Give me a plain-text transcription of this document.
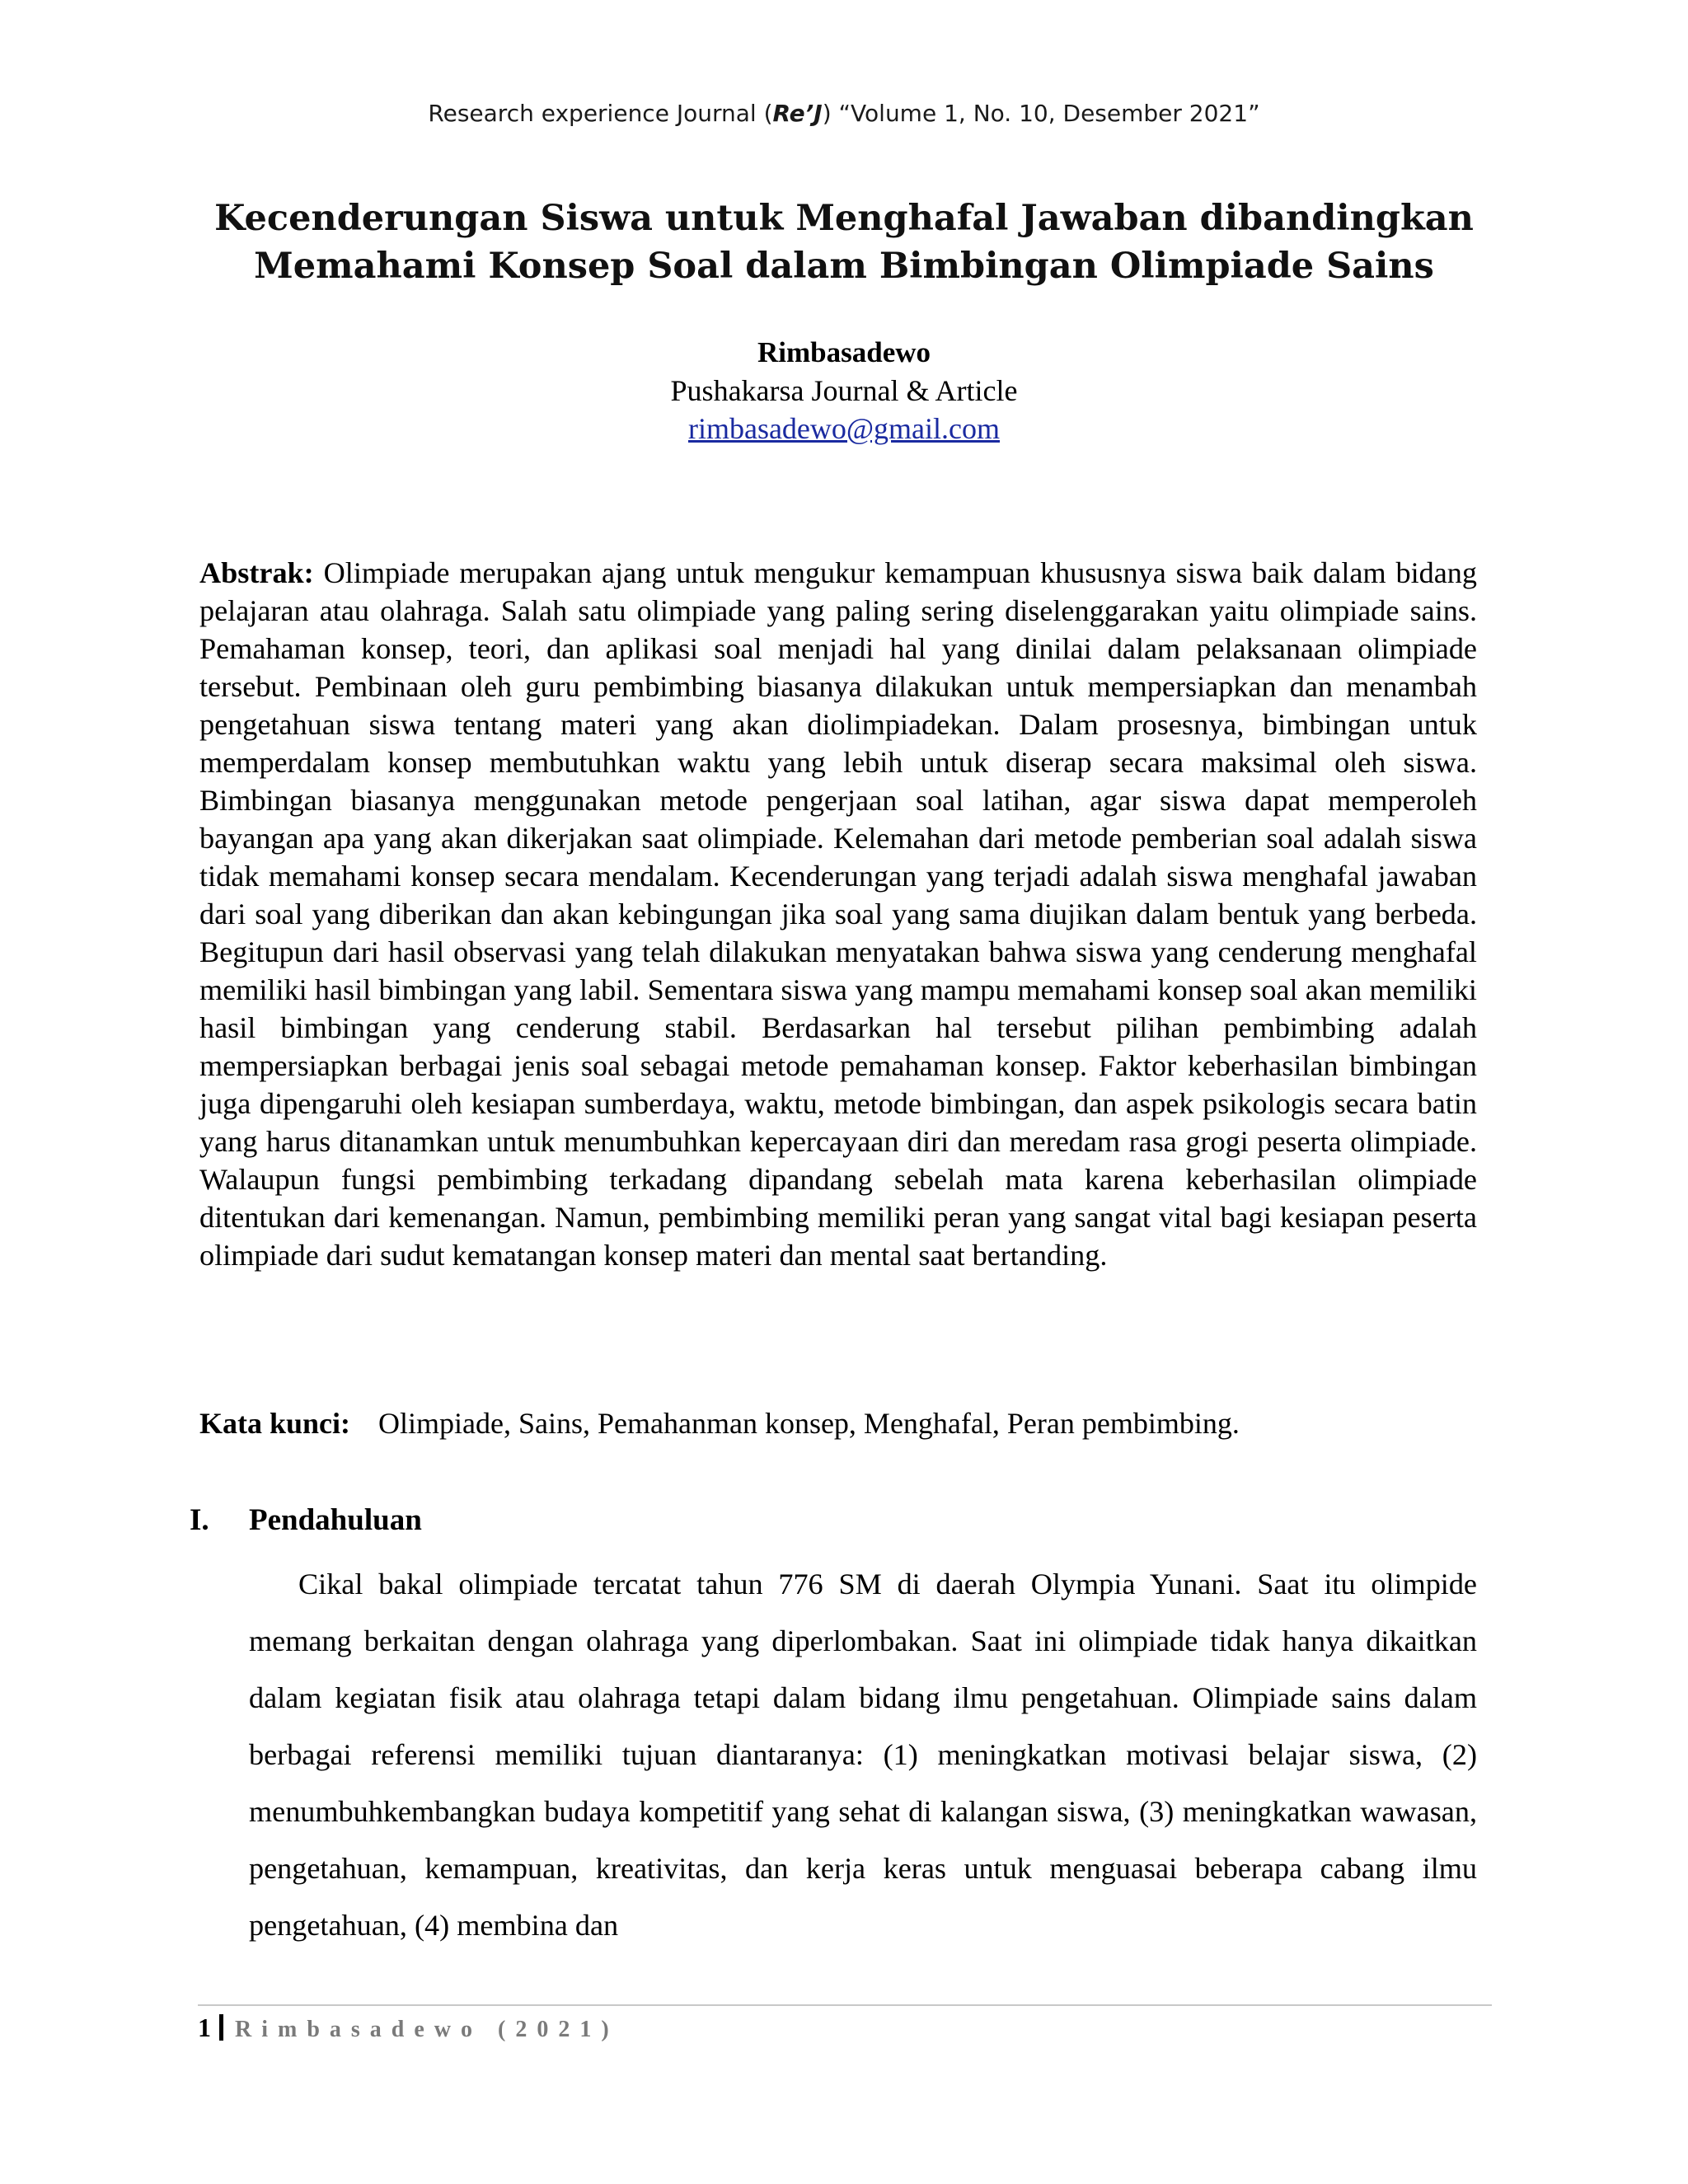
Research experience Journal (Re’J) “Volume 1, No. 10, Desember 2021”
Kecenderungan Siswa untuk Menghafal Jawaban dibandingkan Memahami Konsep Soal dalam Bimbingan Olimpiade Sains
Rimbasadewo
Pushakarsa Journal & Article
rimbasadewo@gmail.com
Abstrak: Olimpiade merupakan ajang untuk mengukur kemampuan khususnya siswa baik dalam bidang pelajaran atau olahraga. Salah satu olimpiade yang paling sering diselenggarakan yaitu olimpiade sains. Pemahaman konsep, teori, dan aplikasi soal menjadi hal yang dinilai dalam pelaksanaan olimpiade tersebut. Pembinaan oleh guru pembimbing biasanya dilakukan untuk mempersiapkan dan menambah pengetahuan siswa tentang materi yang akan diolimpiadekan. Dalam prosesnya, bimbingan untuk memperdalam konsep membutuhkan waktu yang lebih untuk diserap secara maksimal oleh siswa. Bimbingan biasanya menggunakan metode pengerjaan soal latihan, agar siswa dapat memperoleh bayangan apa yang akan dikerjakan saat olimpiade. Kelemahan dari metode pemberian soal adalah siswa tidak memahami konsep secara mendalam. Kecenderungan yang terjadi adalah siswa menghafal jawaban dari soal yang diberikan dan akan kebingungan jika soal yang sama diujikan dalam bentuk yang berbeda. Begitupun dari hasil observasi yang telah dilakukan menyatakan bahwa siswa yang cenderung menghafal memiliki hasil bimbingan yang labil. Sementara siswa yang mampu memahami konsep soal akan memiliki hasil bimbingan yang cenderung stabil. Berdasarkan hal tersebut pilihan pembimbing adalah mempersiapkan berbagai jenis soal sebagai metode pemahaman konsep. Faktor keberhasilan bimbingan juga dipengaruhi oleh kesiapan sumberdaya, waktu, metode bimbingan, dan aspek psikologis secara batin yang harus ditanamkan untuk menumbuhkan kepercayaan diri dan meredam rasa grogi peserta olimpiade. Walaupun fungsi pembimbing terkadang dipandang sebelah mata karena keberhasilan olimpiade ditentukan dari kemenangan. Namun, pembimbing memiliki peran yang sangat vital bagi kesiapan peserta olimpiade dari sudut kematangan konsep materi dan mental saat bertanding.
Kata kunci: Olimpiade, Sains, Pemahanman konsep, Menghafal, Peran pembimbing.
I. Pendahuluan
Cikal bakal olimpiade tercatat tahun 776 SM di daerah Olympia Yunani. Saat itu olimpide memang berkaitan dengan olahraga yang diperlombakan. Saat ini olimpiade tidak hanya dikaitkan dalam kegiatan fisik atau olahraga tetapi dalam bidang ilmu pengetahuan. Olimpiade sains dalam berbagai referensi memiliki tujuan diantaranya: (1) meningkatkan motivasi belajar siswa, (2) menumbuhkembangkan budaya kompetitif yang sehat di kalangan siswa, (3) meningkatkan wawasan, pengetahuan, kemampuan, kreativitas, dan kerja keras untuk menguasai beberapa cabang ilmu pengetahuan, (4) membina dan
1 Rimbasadewo (2021)
